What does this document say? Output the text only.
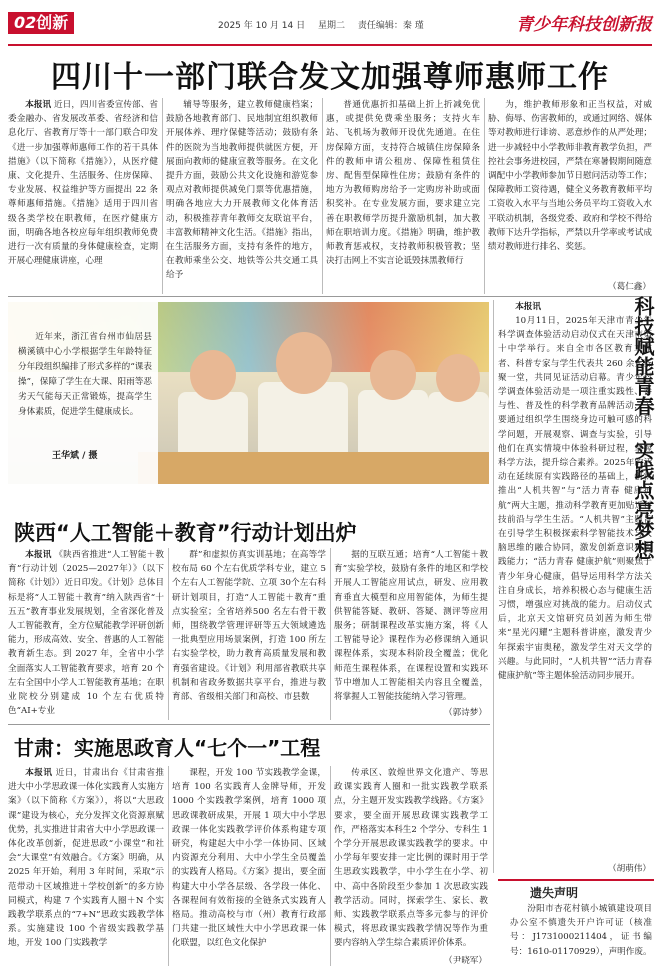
02创新	2025 年 10 月 14 日 星期二 责任编辑：秦 瑾	青少年科技创新报
四川十一部门联合发文加强尊师惠师工作

本报讯 近日，四川省委宣传部、省委金融办、省发展改革委、省经济和信息化厅、省教育厅等十一部门联合印发《进一步加强尊师惠师工作的若干具体措施》（以下简称《措施》），从医疗健康、文化提升、生活服务、住房保障、专业发展、权益维护等方面提出 22 条尊师惠师措施。《措施》适用于四川省级各类学校在职教师，在医疗健康方面，明确各地各校应每年组织教师免费进行一次有质量的身体健康检查，定期开展心理健康讲座，心理

辅导等服务，建立教师健康档案；鼓励各地教育部门、民地制宜组织教师开展体养、理疗保健等活动；鼓励有条件的医院为当地教师提供就医方便，开展面向教师的健康宣教等服务。在文化提升方面，鼓励公共文化设施和游览参观点对教师提供减免门票等优惠措施，明确各地应大力开展教师文化体育活动，积极推荐青年教师交友联谊平台，丰富教师精神文化生活。《措施》指出，在生活服务方面，支持有条件的地方，在教师乘坐公交、地铁等公共交通工具给予

普通优惠折扣基础上折上折减免优惠，或提供免费乘坐服务；支持火车站、飞机场为教师开设优先通道。在住房保障方面，支持符合城镇住房保障条件的教师申请公租房、保障性租赁住房、配售型保障性住房；鼓励有条件的地方为教师购房给予一定购房补助或面积奖补。在专业发展方面，要求建立完善在职教师学历提升激励机制，加大教师在职培训力度。《措施》明确，维护教师教育惩戒权，支持教师积极管教；坚决打击网上不实言论诋毁抹黑教师行

为，维护教师形象和正当权益，对威胁、侮辱、伤害教师的，或通过网络、媒体等对教师进行诽谤、恶意炒作的从严处理；进一步减轻中小学教师非教育教学负担，严控社会事务进校园，严禁在寒暑假期间随意调配中小学教师参加节日慰问活动等工作；保障教师工资待遇，健全义务教育教师平均工资收入水平与当地公务员平均工资收入水平联动机制，各级党委、政府和学校不得给教师下达升学指标，严禁以升学率或考试成绩对教师进行排名、奖惩。

（葛仁鑫）
近年来，浙江省台州市仙居县横溪镇中心小学根据学生年龄特征分年段组织编排了形式多样的“课表操”，保障了学生在大课、阳雨等恶劣天气能每天正常锻炼，提高学生身体素质，促进学生健康成长。
王华斌 / 摄	科技赋能青春 实践点亮梦想

本报讯

10月11日，2025年天津市青少年科学调查体验活动启动仪式在天津市第十中学举行。来自全市各区教育工作者、科普专家与学生代表共 260 余人齐聚一堂，共同见证活动启幕。青少年科学调查体验活动是一项注重实践性、参与性、普及性的科学教育品牌活动，主要通过组织学生围绕身边可触可感的科学问题，开展观察、调查与实验，引导他们在真实情境中体验科研过程，掌握科学方法，提升综合素养。2025年的活动在延续原有实践路径的基础上，创新推出“人机共智”与“活力青春 健康护航”两大主题，推动科学教育更加贴近科技前沿与学生生活。“人机共智”主题旨在引导学生积极探索科学智能技术与人脑思维的融合协同，激发创新意识和实践能力；“活力青春 健康护航”则聚焦于青少年身心健康，倡导运用科学方法关注自身成长，培养积极心态与健康生活习惯，增强应对挑战的能力。启动仪式后，北京天文馆研究员刘茜为师生带来“星光闪耀”主题科普讲座，激发青少年探索宇宙奥秘，激发学生对天文学的兴趣。与此同时，“人机共智”“活力青春 健康护航”等主题体验活动同步展开。

（胡萌伟）
陕西“人工智能＋教育”行动计划出炉

本报讯 《陕西省推进“人工智能＋教育”行动计划（2025—2027年）》（以下简称《计划》）近日印发。《计划》总体目标是将“人工智能＋教育”纳入陕西省“十五五”教育事业发展规划，全省深化普及人工智能教育，全方位赋能教学评研创新能力，形成高效、安全、普惠的人工智能教育新生态。到 2027 年，全省中小学全面落实人工智能教育要求，培育 20 个左右全国中小学人工智能教育基地；在职业院校分别建成 10 个左右优质特色“AI+专业

群”和虚拟仿真实训基地；在高等学校布局 60 个左右优质学科专业，建立 5 个左右人工智能学院、立项 30个左右科研计划项目，打造“人工智能＋教育”重点实验室；全省培养500 名左右骨干教师，围绕教学管理评研等五大领域遴选一批典型应用场景案例，打造 100 所左右实验学校，助力教育高质量发展和教育强省建设。《计划》利用部省教联共享机制和省政务数据共享平台，推进与教育部、省级相关部门和高校、市县数

据的互联互通；培育“人工智能＋教育”实验学校，鼓励有条件的地区和学校开展人工智能应用试点，研发、应用教育垂直大模型和应用智能体，为师生提供智能答疑、教研、答疑、测评等应用服务；研制课程改革实施方案，将《人工智能导论》课程作为必修课纳入通识课程体系，实现本科阶段全覆盖；优化师范生课程体系，在课程设置和实践环节中增加人工智能相关内容且全覆盖，将掌握人工智能技能纳入学习管理。

（郭诗梦）
甘肃：实施思政育人“七个一”工程

本报讯 近日，甘肃出台《甘肃省推进大中小学思政课一体化实践育人实施方案》（以下简称《方案》），将以“大思政课”建设为核心，充分发挥文化资源禀赋优势，扎实推进甘肃省大中小学思政课一体化改革创新，促进思政“小课堂”和社会“大课堂”有效融合。《方案》明确，从 2025 年开始，利用 3 年时间，采取“示范带动＋区域推进＋学校创新”的多方协同模式，构建 7 个实践育人圈＋N 个实践教学联系点的“7+N”思政实践教学体系。实施建设 100 个省级实践教学基地，开发 100 门实践教学

课程，开发 100 节实践教学金课，培育 100 名实践育人金牌导师，开发1000 个实践教学案例，培育 1000 项思政课教研成果，开展 1 项大中小学思政课一体化实践教学评价体系构建专项研究，构建起大中小学一体协同、区域内资源充分利用、大中小学生全员覆盖的实践育人格局。《方案》提出，要全面构建大中小学各层级、各学段一体化、各课程间有效衔接的全链条式实践育人格局。推动高校与市（州）教育行政部门共建一批区域性大中小学思政课一体化联盟，以红色文化保护

传承区、敦煌世界文化遗产、等思政课实践育人圈和一批实践教学联系点，分主题开发实践教学线路。《方案》要求，要全面开展思政课实践教学工作，严格落实本科生2 个学分、专科生 1 个学分开展思政课实践教学的要求。中小学每年要安排一定比例的课时用于学生思政实践教学，中小学生在小学、初中、高中各阶段至少参加 1 次思政实践教学活动。同时，探索学生、家长、教师、实践教学联系点等多元参与的评价模式，将思政课实践教学情况等作为重要内容纳入学生综合素质评价体系。

（尹晓军）
遗失声明

汾阳市杏花村镇小城镇建设项目办公室不慎遗失开户许可证（核准号：J1731000211404，证书编号：1610-01170929），声明作废。
